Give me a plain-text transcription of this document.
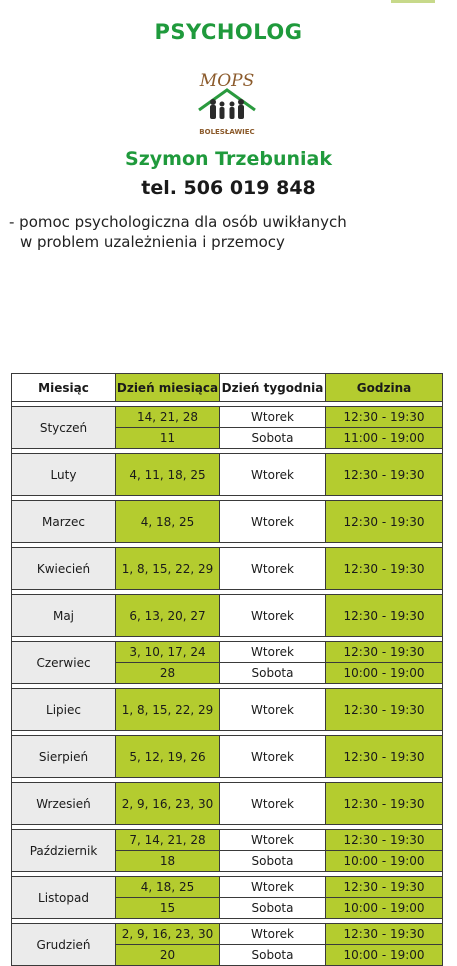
PSYCHOLOG
MOPS
BOLESŁAWIEC
Szymon Trzebuniak
tel. 506 019 848
- pomoc psychologiczna dla osób uwikłanych
w problem uzależnienia i przemocy
Miesiąc	Dzień miesiąca	Dzień tygodnia	Godzina

Styczeń	14, 21, 28	Wtorek	12:30 - 19:30
	11	Sobota	11:00 - 19:00

Luty	4, 11, 18, 25	Wtorek	12:30 - 19:30

Marzec	4, 18, 25	Wtorek	12:30 - 19:30

Kwiecień	1, 8, 15, 22, 29	Wtorek	12:30 - 19:30

Maj	6, 13, 20, 27	Wtorek	12:30 - 19:30

Czerwiec	3, 10, 17, 24	Wtorek	12:30 - 19:30
	28	Sobota	10:00 - 19:00

Lipiec	1, 8, 15, 22, 29	Wtorek	12:30 - 19:30

Sierpień	5, 12, 19, 26	Wtorek	12:30 - 19:30

Wrzesień	2, 9, 16, 23, 30	Wtorek	12:30 - 19:30

Październik	7, 14, 21, 28	Wtorek	12:30 - 19:30
	18	Sobota	10:00 - 19:00

Listopad	4, 18, 25	Wtorek	12:30 - 19:30
	15	Sobota	10:00 - 19:00

Grudzień	2, 9, 16, 23, 30	Wtorek	12:30 - 19:30
	20	Sobota	10:00 - 19:00
